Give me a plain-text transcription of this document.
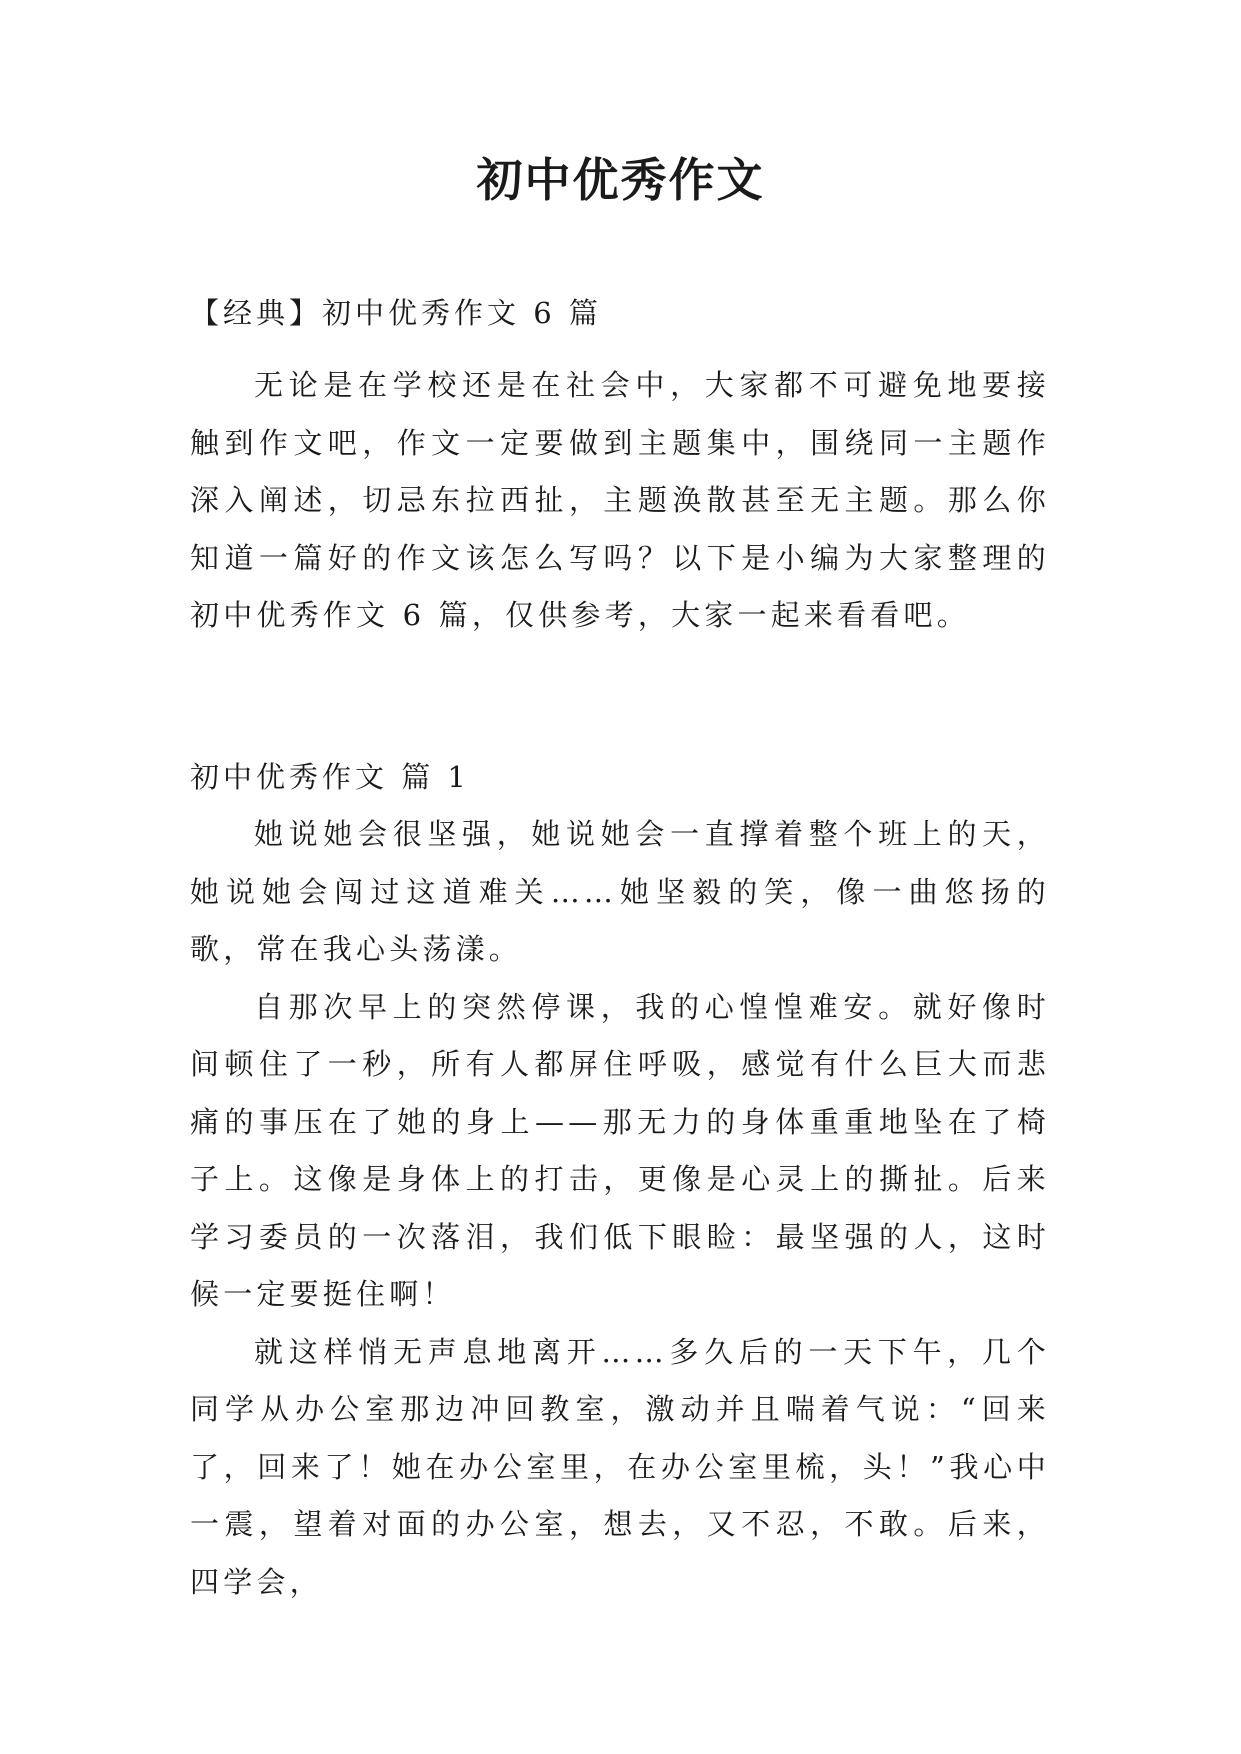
初中优秀作文
【经典】初中优秀作文 6 篇

无论是在学校还是在社会中，大家都不可避免地要接触到作文吧，作文一定要做到主题集中，围绕同一主题作深入阐述，切忌东拉西扯，主题涣散甚至无主题。那么你知道一篇好的作文该怎么写吗？以下是小编为大家整理的初中优秀作文 6 篇，仅供参考，大家一起来看看吧。

初中优秀作文 篇 1

她说她会很坚强，她说她会一直撑着整个班上的天，她说她会闯过这道难关……她坚毅的笑，像一曲悠扬的歌，常在我心头荡漾。

自那次早上的突然停课，我的心惶惶难安。就好像时间顿住了一秒，所有人都屏住呼吸，感觉有什么巨大而悲痛的事压在了她的身上——那无力的身体重重地坠在了椅子上。这像是身体上的打击，更像是心灵上的撕扯。后来学习委员的一次落泪，我们低下眼睑：最坚强的人，这时候一定要挺住啊！

就这样悄无声息地离开……多久后的一天下午，几个同学从办公室那边冲回教室，激动并且喘着气说：“回来了，回来了！她在办公室里，在办公室里梳，头！”我心中一震，望着对面的办公室，想去，又不忍，不敢。后来，四学会，
